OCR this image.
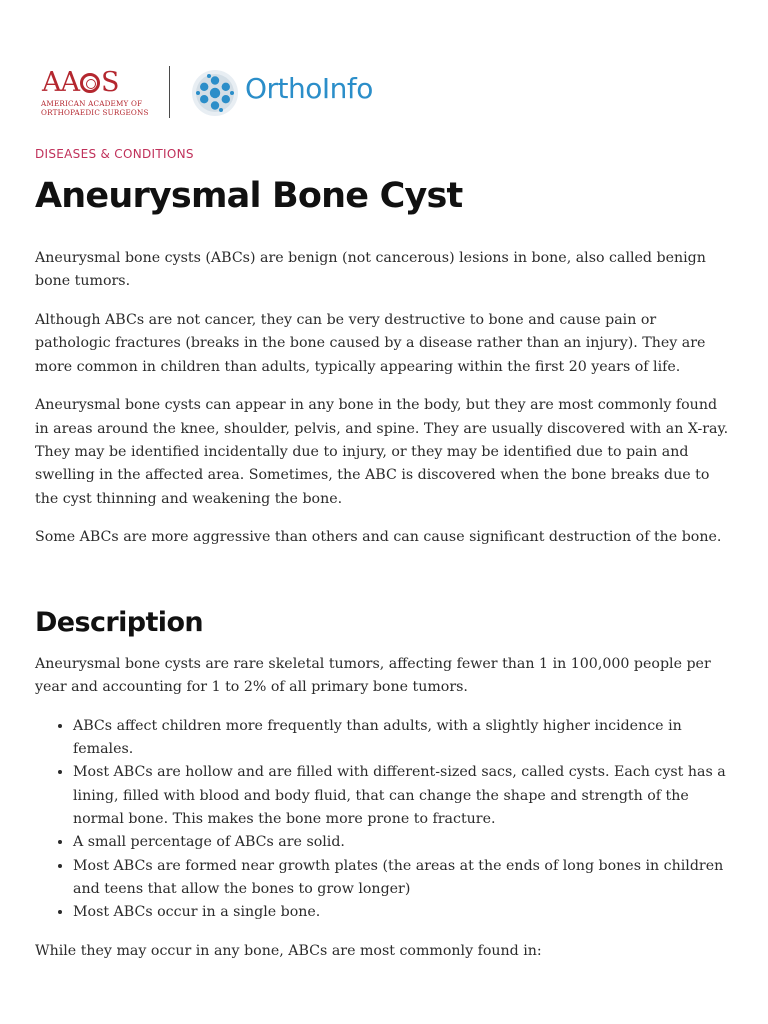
AA S
AMERICAN ACADEMY OF ORTHOPAEDIC SURGEONS
OrthoInfo
DISEASES & CONDITIONS
Aneurysmal Bone Cyst

Aneurysmal bone cysts (ABCs) are benign (not cancerous) lesions in bone, also called benign bone tumors.

Although ABCs are not cancer, they can be very destructive to bone and cause pain or pathologic fractures (breaks in the bone caused by a disease rather than an injury). They are more common in children than adults, typically appearing within the first 20 years of life.

Aneurysmal bone cysts can appear in any bone in the body, but they are most commonly found in areas around the knee, shoulder, pelvis, and spine. They are usually discovered with an X-ray. They may be identified incidentally due to injury, or they may be identified due to pain and swelling in the affected area. Sometimes, the ABC is discovered when the bone breaks due to the cyst thinning and weakening the bone.

Some ABCs are more aggressive than others and can cause significant destruction of the bone.

Description

Aneurysmal bone cysts are rare skeletal tumors, affecting fewer than 1 in 100,000 people per year and accounting for 1 to 2% of all primary bone tumors.

• ABCs affect children more frequently than adults, with a slightly higher incidence in females.
• Most ABCs are hollow and are filled with different-sized sacs, called cysts. Each cyst has a lining, filled with blood and body fluid, that can change the shape and strength of the normal bone. This makes the bone more prone to fracture.
• A small percentage of ABCs are solid.
• Most ABCs are formed near growth plates (the areas at the ends of long bones in children and teens that allow the bones to grow longer)
• Most ABCs occur in a single bone.

While they may occur in any bone, ABCs are most commonly found in:
